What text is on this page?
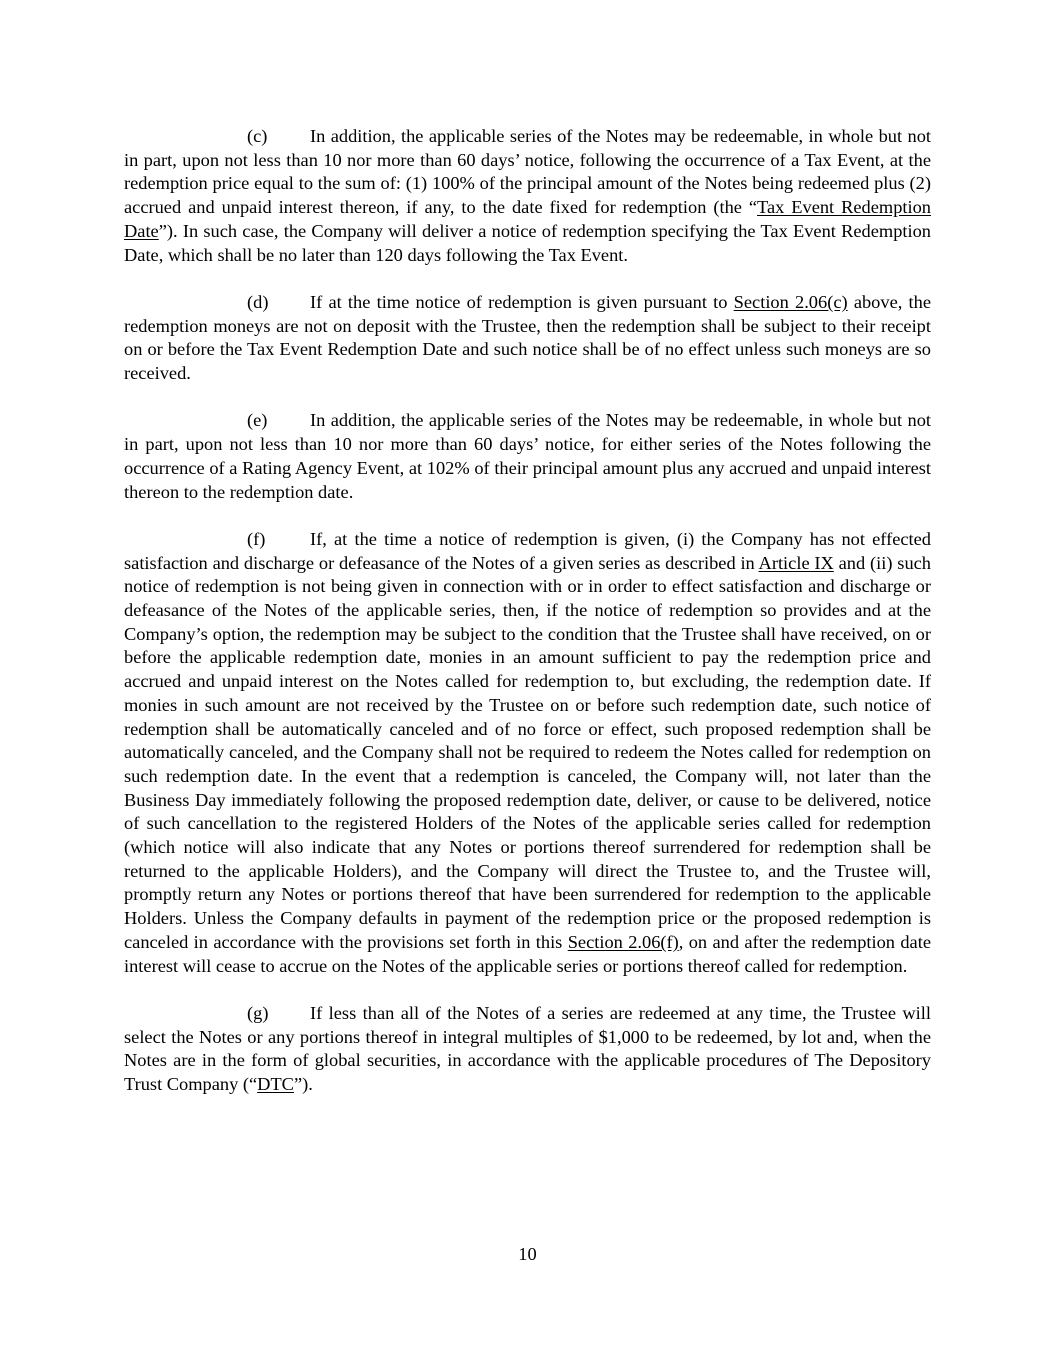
(c) In addition, the applicable series of the Notes may be redeemable, in whole but not in part, upon not less than 10 nor more than 60 days’ notice, following the occurrence of a Tax Event, at the redemption price equal to the sum of: (1) 100% of the principal amount of the Notes being redeemed plus (2) accrued and unpaid interest thereon, if any, to the date fixed for redemption (the “Tax Event Redemption Date”). In such case, the Company will deliver a notice of redemption specifying the Tax Event Redemption Date, which shall be no later than 120 days following the Tax Event.

(d) If at the time notice of redemption is given pursuant to Section 2.06(c) above, the redemption moneys are not on deposit with the Trustee, then the redemption shall be subject to their receipt on or before the Tax Event Redemption Date and such notice shall be of no effect unless such moneys are so received.

(e) In addition, the applicable series of the Notes may be redeemable, in whole but not in part, upon not less than 10 nor more than 60 days’ notice, for either series of the Notes following the occurrence of a Rating Agency Event, at 102% of their principal amount plus any accrued and unpaid interest thereon to the redemption date.

(f) If, at the time a notice of redemption is given, (i) the Company has not effected satisfaction and discharge or defeasance of the Notes of a given series as described in Article IX and (ii) such notice of redemption is not being given in connection with or in order to effect satisfaction and discharge or defeasance of the Notes of the applicable series, then, if the notice of redemption so provides and at the Company’s option, the redemption may be subject to the condition that the Trustee shall have received, on or before the applicable redemption date, monies in an amount sufficient to pay the redemption price and accrued and unpaid interest on the Notes called for redemption to, but excluding, the redemption date. If monies in such amount are not received by the Trustee on or before such redemption date, such notice of redemption shall be automatically canceled and of no force or effect, such proposed redemption shall be automatically canceled, and the Company shall not be required to redeem the Notes called for redemption on such redemption date. In the event that a redemption is canceled, the Company will, not later than the Business Day immediately following the proposed redemption date, deliver, or cause to be delivered, notice of such cancellation to the registered Holders of the Notes of the applicable series called for redemption (which notice will also indicate that any Notes or portions thereof surrendered for redemption shall be returned to the applicable Holders), and the Company will direct the Trustee to, and the Trustee will, promptly return any Notes or portions thereof that have been surrendered for redemption to the applicable Holders. Unless the Company defaults in payment of the redemption price or the proposed redemption is canceled in accordance with the provisions set forth in this Section 2.06(f), on and after the redemption date interest will cease to accrue on the Notes of the applicable series or portions thereof called for redemption.

(g) If less than all of the Notes of a series are redeemed at any time, the Trustee will select the Notes or any portions thereof in integral multiples of $1,000 to be redeemed, by lot and, when the Notes are in the form of global securities, in accordance with the applicable procedures of The Depository Trust Company (“DTC”).

10
